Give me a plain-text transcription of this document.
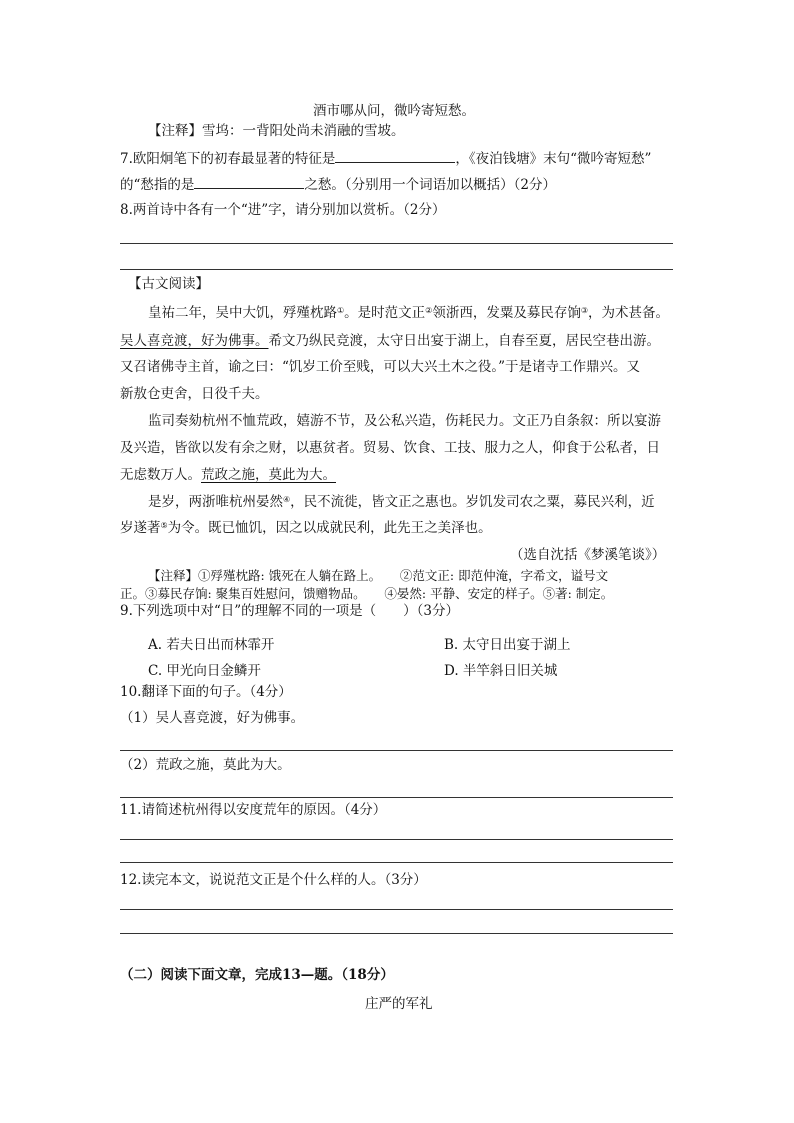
酒市哪从问，微吟寄短愁。
【注释】雪坞：一背阳处尚未消融的雪坡。
7.欧阳炯笔下的初春最显著的特征是	，《夜泊钱塘》末句“微吟寄短愁”
的“愁指的是	之愁。（分别用一个词语加以概括）（2分）
8.两首诗中各有一个“进”字，请分别加以赏析。（2分）
【古文阅读】
皇祐二年，吴中大饥，殍殣枕路①。是时范文正②领浙西，发粟及募民存饷③，为术甚备。
吴人喜竞渡，好为佛事。希文乃纵民竞渡，太守日出宴于湖上，自春至夏，居民空巷出游。
又召诸佛寺主首，谕之曰：“饥岁工价至贱，可以大兴土木之役。”于是诸寺工作鼎兴。又
新敖仓吏舍，日役千夫。
监司奏劾杭州不恤荒政，嬉游不节，及公私兴造，伤耗民力。文正乃自条叙：所以宴游
及兴造，皆欲以发有余之财，以惠贫者。贸易、饮食、工技、服力之人，仰食于公私者，日
无虑数万人。荒政之施，莫此为大。
是岁，两浙唯杭州晏然④，民不流徙，皆文正之惠也。岁饥发司农之粟，募民兴利，近
岁遂著⑤为令。既已恤饥，因之以成就民利，此先王之美泽也。
（选自沈括《梦溪笔谈》）
【注释】①殍殣枕路: 饿死在人躺在路上。　　②范文正: 即范仲淹，字希文，谥号文
正。③募民存饷: 聚集百姓慰问，馈赠物品。　　④晏然: 平静、安定的样子。⑤著: 制定。
9.下列选项中对“日”的理解不同的一项是（　　）（3分）
A. 若夫日出而林霏开	B. 太守日出宴于湖上
C. 甲光向日金鳞开	D. 半竿斜日旧关城
10.翻译下面的句子。（4分）
（1）吴人喜竞渡，好为佛事。
（2）荒政之施，莫此为大。
11.请简述杭州得以安度荒年的原因。（4分）
12.读完本文，说说范文正是个什么样的人。（3分）
（二）阅读下面文章，完成13—题。（18分）
庄严的军礼
